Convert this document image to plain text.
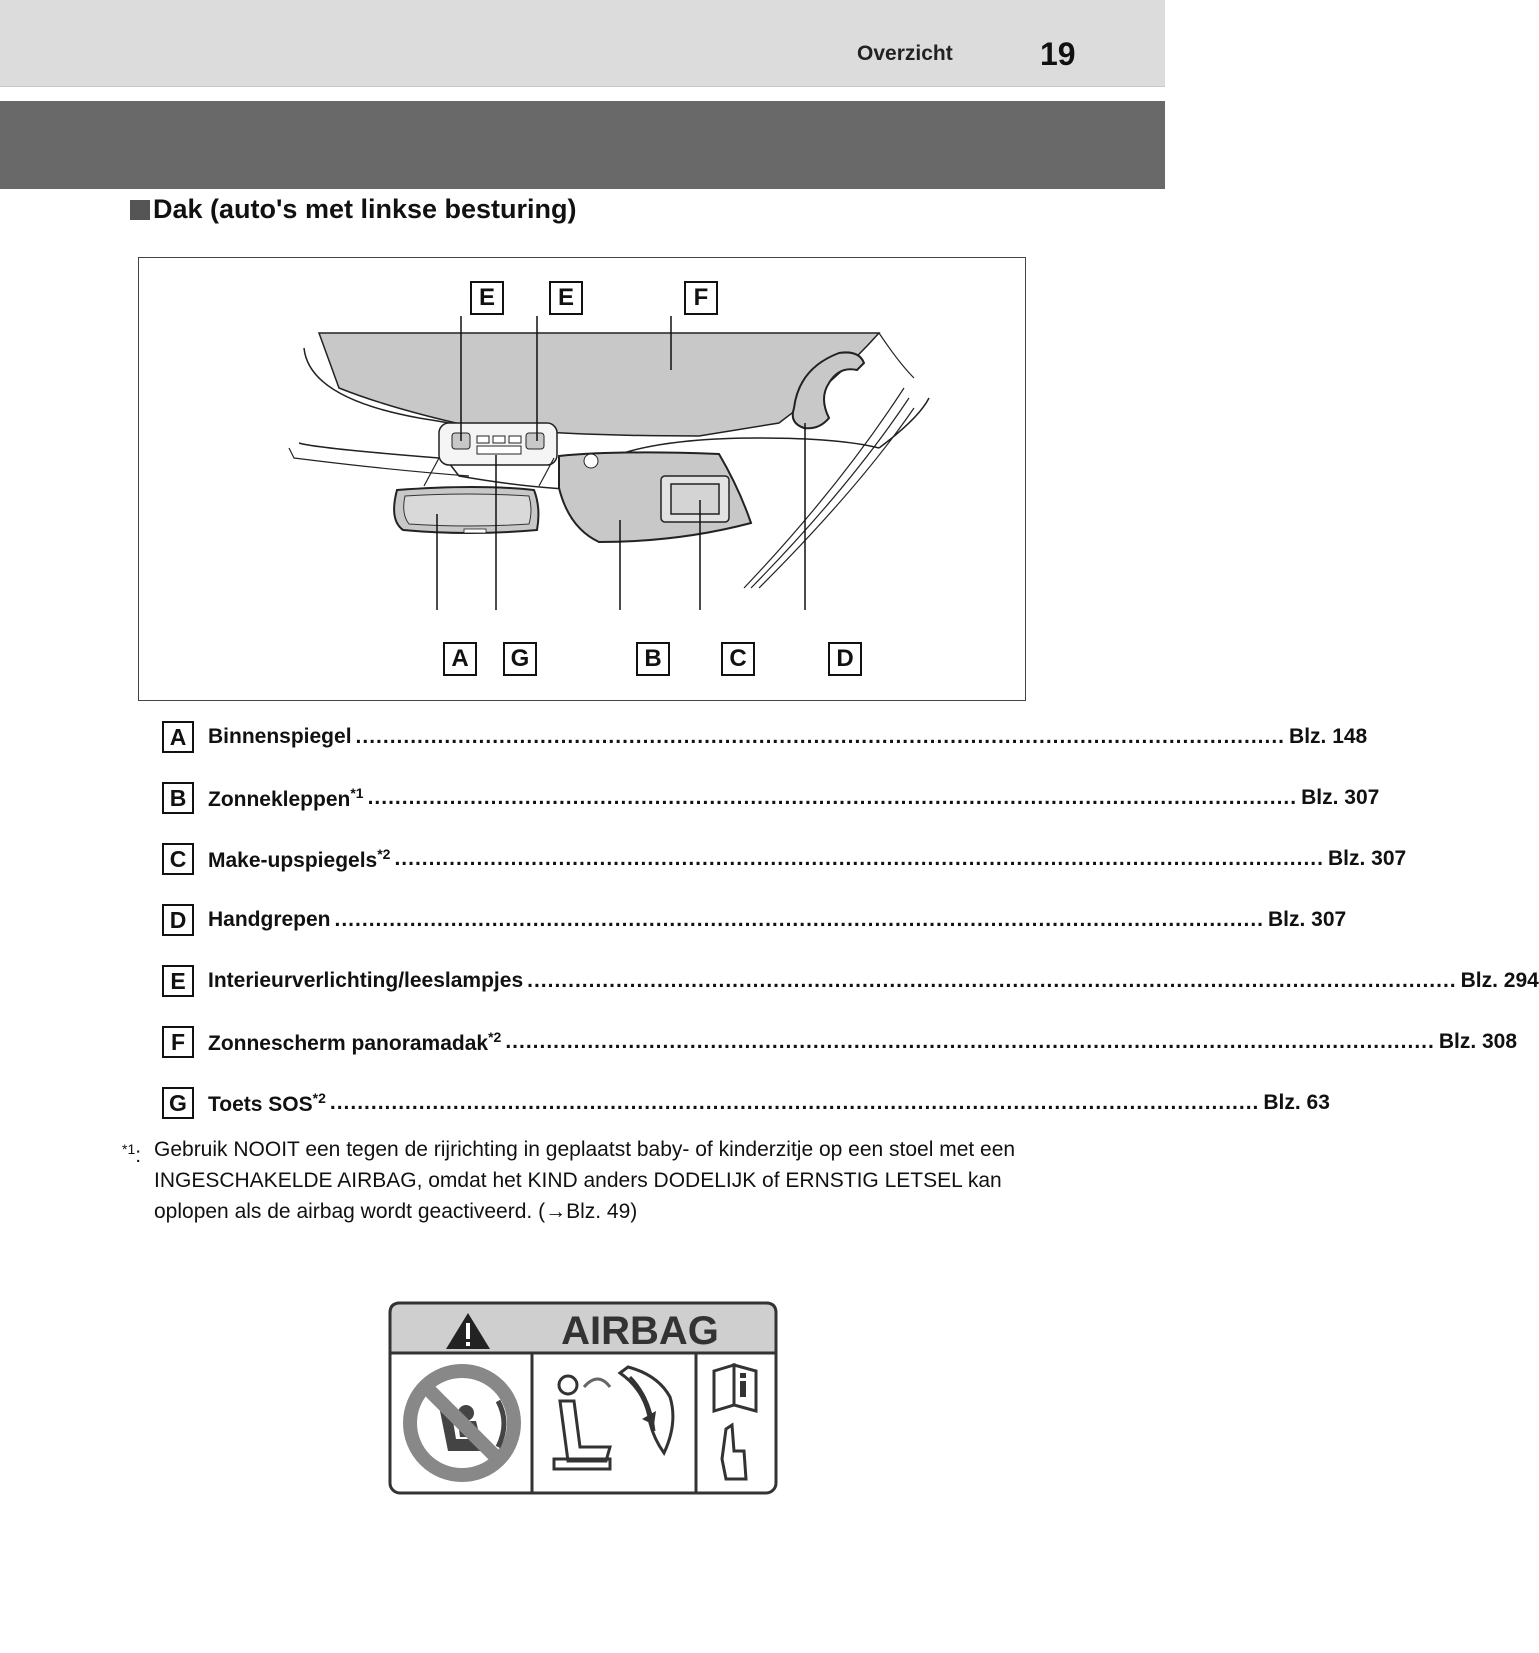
Overzicht	19
Dak (auto's met linkse besturing)
E	E	F
A	G	B	C	D
A	Binnenspiegel ........................................................................................................................................ Blz. 148
B	Zonnekleppen$^{*1}$ ........................................................................................................................................ Blz. 307
C	Make-upspiegels$^{*2}$ ........................................................................................................................................ Blz. 307
D	Handgrepen ........................................................................................................................................ Blz. 307
E	Interieurverlichting/leeslampjes ........................................................................................................................................ Blz. 294
F	Zonnescherm panoramadak$^{*2}$ ........................................................................................................................................ Blz. 308
G	Toets SOS$^{*2}$ ........................................................................................................................................ Blz. 63
$^{*1}$: Gebruik NOOIT een tegen de rijrichting in geplaatst baby- of kinderzitje op een stoel met een INGESCHAKELDE AIRBAG, omdat het KIND anders DODELIJK of ERNSTIG LETSEL kan oplopen als de airbag wordt geactiveerd. (→Blz. 49)
AIRBAG
